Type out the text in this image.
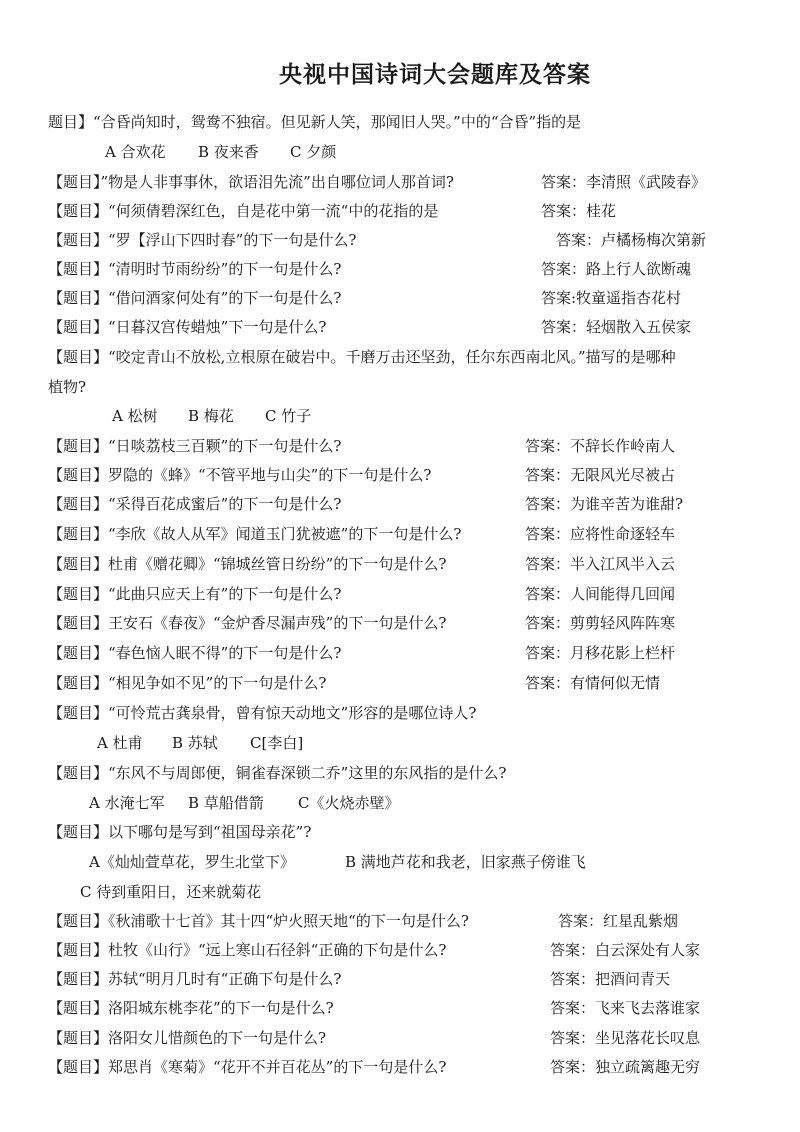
央视中国诗词大会题库及答案
题目】“合昏尚知时，鸳鸯不独宿。但见新人笑，那闻旧人哭。”中的“合昏”指的是
A 合欢花 B 夜来香 C 夕颜
【题目】”物是人非事事休，欲语泪先流”出自哪位词人那首词?	答案：李清照《武陵春》
【题目】“何须倩碧深红色，自是花中第一流“中的花指的是	答案：桂花
【题目】“罗【浮山下四时春”的下一句是什么?	答案：卢橘杨梅次第新
【题目】“清明时节雨纷纷”的下一句是什么?	答案：路上行人欲断魂
【题目】“借问酒家何处有”的下一句是什么?	答案:牧童遥指杏花村
【题目】“日暮汉宫传蜡烛”下一句是什么?	答案：轻烟散入五侯家
【题目】“咬定青山不放松,立根原在破岩中。千磨万击还坚劲，任尔东西南北风。”描写的是哪种
植物?
A 松树 B 梅花 C 竹子
【题目】“日啖荔枝三百颗”的下一句是什么?	答案：不辞长作岭南人
【题目】罗隐的《蜂》“不管平地与山尖”的下一句是什么?	答案：无限风光尽被占
【题目】“采得百花成蜜后”的下一句是什么?	答案：为谁辛苦为谁甜?
【题目】“李欣《故人从军》闻道玉门犹被遮”的下一句是什么?	答案：应将性命逐轻车
【题目】杜甫《赠花卿》“锦城丝管日纷纷”的下一句是什么?	答案：半入江风半入云
【题目】“此曲只应天上有”的下一句是什么?	答案：人间能得几回闻
【题目】王安石《春夜》“金炉香尽漏声残”的下一句是什么?	答案：剪剪轻风阵阵寒
【题目】“春色恼人眠不得”的下一句是什么?	答案：月移花影上栏杆
【题目】“相见争如不见”的下一句是什么?	答案：有情何似无情
【题目】“可怜荒古龚泉骨，曾有惊天动地文”形容的是哪位诗人?
A 杜甫 B 苏轼 C[李白]
【题目】“东风不与周郎便，铜雀春深锁二乔”这里的东风指的是什么?
A 水淹七军 B 草船借箭 C《火烧赤壁》
【题目】以下哪句是写到“祖国母亲花”?
A《灿灿萱草花，罗生北堂下》	B 满地芦花和我老，旧家燕子傍谁飞
C 待到重阳日，还来就菊花
【题目】《秋浦歌十七首》其十四“炉火照天地“的下一句是什么?	答案：红星乱紫烟
【题目】杜牧《山行》“远上寒山石径斜“正确的下句是什么?	答案：白云深处有人家
【题目】苏轼“明月几时有“正确下句是什么?	答案：把酒问青天
【题目】洛阳城东桃李花”的下一句是什么?	答案：飞来飞去落谁家
【题目】洛阳女儿惜颜色的下一句是什么?	答案：坐见落花长叹息
【题目】郑思肖《寒菊》“花开不并百花丛”的下一句是什么?	答案：独立疏篱趣无穷
